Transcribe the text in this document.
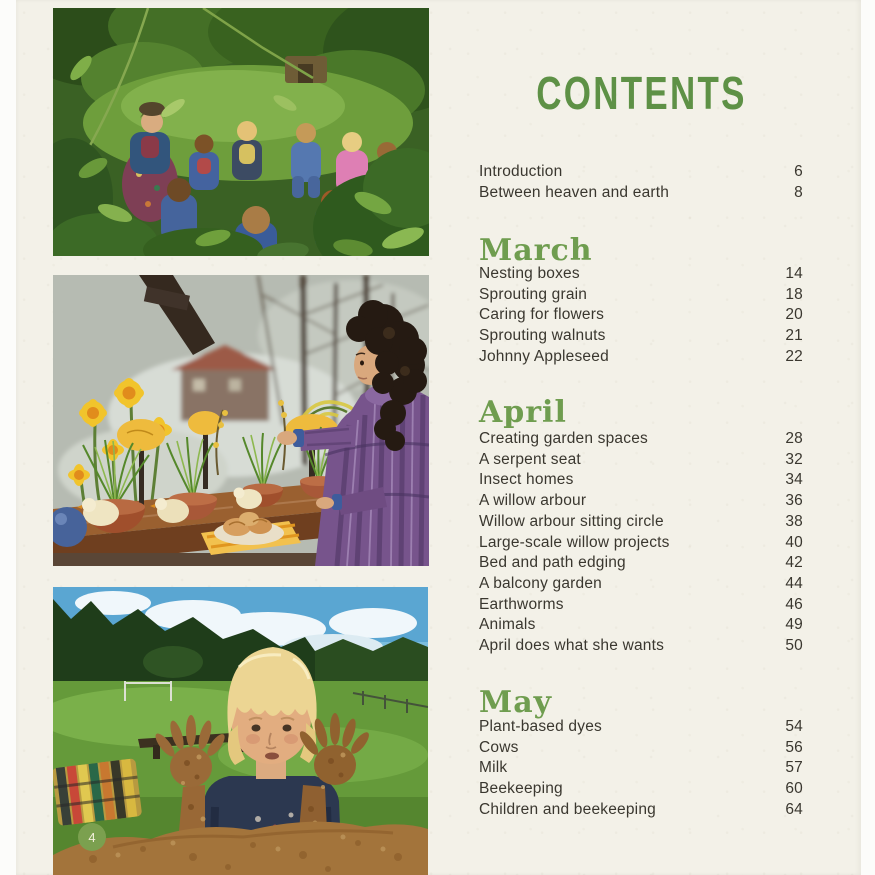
4
CONTENTS
Introduction	6
Between heaven and earth	8
March
Nesting boxes	14
Sprouting grain	18
Caring for flowers	20
Sprouting walnuts	21
Johnny Appleseed	22
April
Creating garden spaces	28
A serpent seat	32
Insect homes	34
A willow arbour	36
Willow arbour sitting circle	38
Large-scale willow projects	40
Bed and path edging	42
A balcony garden	44
Earthworms	46
Animals	49
April does what she wants	50
May
Plant-based dyes	54
Cows	56
Milk	57
Beekeeping	60
Children and beekeeping	64
